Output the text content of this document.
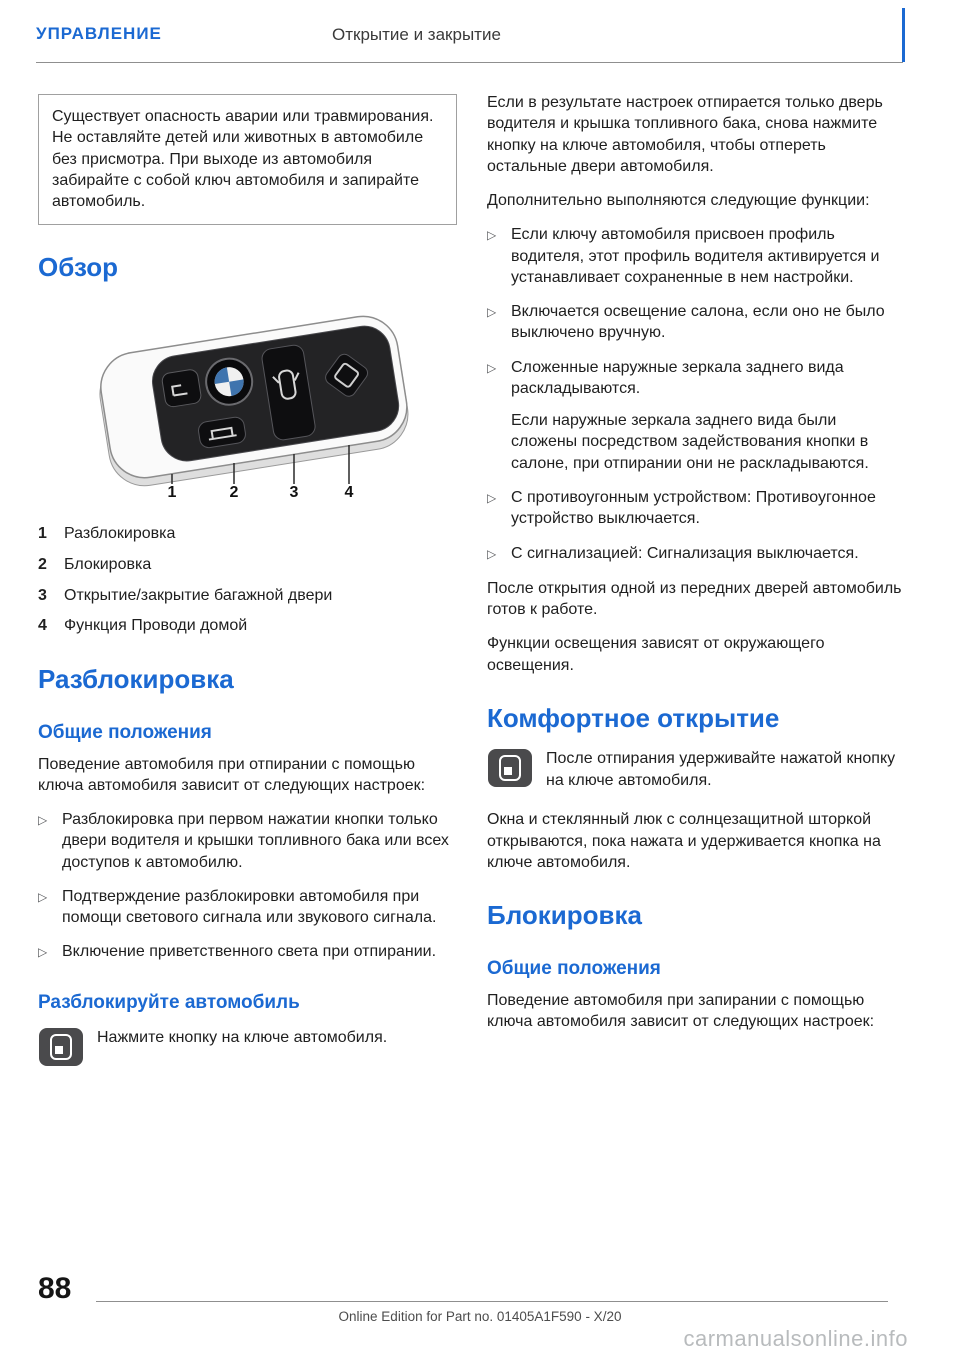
УПРАВЛЕНИЕ	Открытие и закрытие

Существует опасность аварии или травмирования. Не оставляйте детей или животных в автомобиле без присмотра. При выходе из автомобиля забирайте с собой ключ автомобиля и запирайте автомобиль.

Обзор
1	2	3	4
1	Разблокировка
2	Блокировка
3	Открытие/закрытие багажной двери
4	Функция Проводи домой
Разблокировка
Общие положения

Поведение автомобиля при отпирании с помощью ключа автомобиля зависит от следующих настроек:

▷ Разблокировка при первом нажатии кнопки только двери водителя и крышки топливного бака или всех доступов к автомобилю.
▷ Подтверждение разблокировки автомобиля при помощи светового сигнала или звукового сигнала.
▷ Включение приветственного света при отпирании.
Разблокируйте автомобиль

Нажмите кнопку на ключе автомобиля.

Если в результате настроек отпирается только дверь водителя и крышка топливного бака, снова нажмите кнопку на ключе автомобиля, чтобы отпереть остальные двери автомобиля.

Дополнительно выполняются следующие функции:

▷ Если ключу автомобиля присвоен профиль водителя, этот профиль водителя активируется и устанавливает сохраненные в нем настройки.
▷ Включается освещение салона, если оно не было выключено вручную.
▷ Сложенные наружные зеркала заднего вида раскладываются.
Если наружные зеркала заднего вида были сложены посредством задействования кнопки в салоне, при отпирании они не раскладываются.
▷ С противоугонным устройством: Противоугонное устройство выключается.
▷ С сигнализацией: Сигнализация выключается.

После открытия одной из передних дверей автомобиль готов к работе.

Функции освещения зависят от окружающего освещения.

Комфортное открытие

После отпирания удерживайте нажатой кнопку на ключе автомобиля.

Окна и стеклянный люк с солнцезащитной шторкой открываются, пока нажата и удерживается кнопка на ключе автомобиля.

Блокировка
Общие положения

Поведение автомобиля при запирании с помощью ключа автомобиля зависит от следующих настроек:

88
Online Edition for Part no. 01405A1F590 - X/20
carmanualsonline.info
